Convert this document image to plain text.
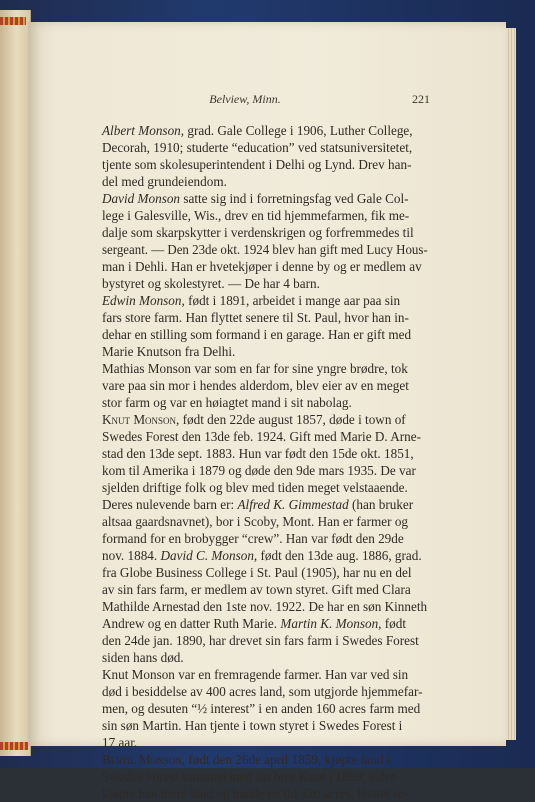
Belview, Minn.	221
Albert Monson, grad. Gale College i 1906, Luther College,
Decorah, 1910; studerte “education” ved statsuniversitetet,
tjente som skolesuperintendent i Delhi og Lynd. Drev han-
del med grundeiendom.
David Monson satte sig ind i forretningsfag ved Gale Col-
lege i Galesville, Wis., drev en tid hjemmefarmen, fik me-
dalje som skarpskytter i verdenskrigen og forfremmedes til
sergeant. — Den 23de okt. 1924 blev han gift med Lucy Hous-
man i Dehli. Han er hvetekjøper i denne by og er medlem av
bystyret og skolestyret. — De har 4 barn.
Edwin Monson, født i 1891, arbeidet i mange aar paa sin
fars store farm. Han flyttet senere til St. Paul, hvor han in-
dehar en stilling som formand i en garage. Han er gift med
Marie Knutson fra Delhi.
Mathias Monson var som en far for sine yngre brødre, tok
vare paa sin mor i hendes alderdom, blev eier av en meget
stor farm og var en høiagtet mand i sit nabolag.
Knut Monson, født den 22de august 1857, døde i town of
Swedes Forest den 13de feb. 1924. Gift med Marie D. Arne-
stad den 13de sept. 1883. Hun var født den 15de okt. 1851,
kom til Amerika i 1879 og døde den 9de mars 1935. De var
sjelden driftige folk og blev med tiden meget velstaaende.
Deres nulevende barn er: Alfred K. Gimmestad (han bruker
altsaa gaardsnavnet), bor i Scoby, Mont. Han er farmer og
formand for en brobygger “crew”. Han var født den 29de
nov. 1884. David C. Monson, født den 13de aug. 1886, grad.
fra Globe Business College i St. Paul (1905), har nu en del
av sin fars farm, er medlem av town styret. Gift med Clara
Mathilde Arnestad den 1ste nov. 1922. De har en søn Kinneth
Andrew og en datter Ruth Marie. Martin K. Monson, født
den 24de jan. 1890, har drevet sin fars farm i Swedes Forest
siden hans død.
Knut Monson var en fremragende farmer. Han var ved sin
død i besiddelse av 400 acres land, som utgjorde hjemmefar-
men, og desuten “½ interest” i en anden 160 acres farm med
sin søn Martin. Han tjente i town styret i Swedes Forest i
17 aar.
Bertil Monson, født den 26de april 1859, kjøpte land i
Swedes Forest sammen med sin bror Knut i 1883; siden
kjøpte han mere land og hadde en tid 320 acres. Byttet se-
